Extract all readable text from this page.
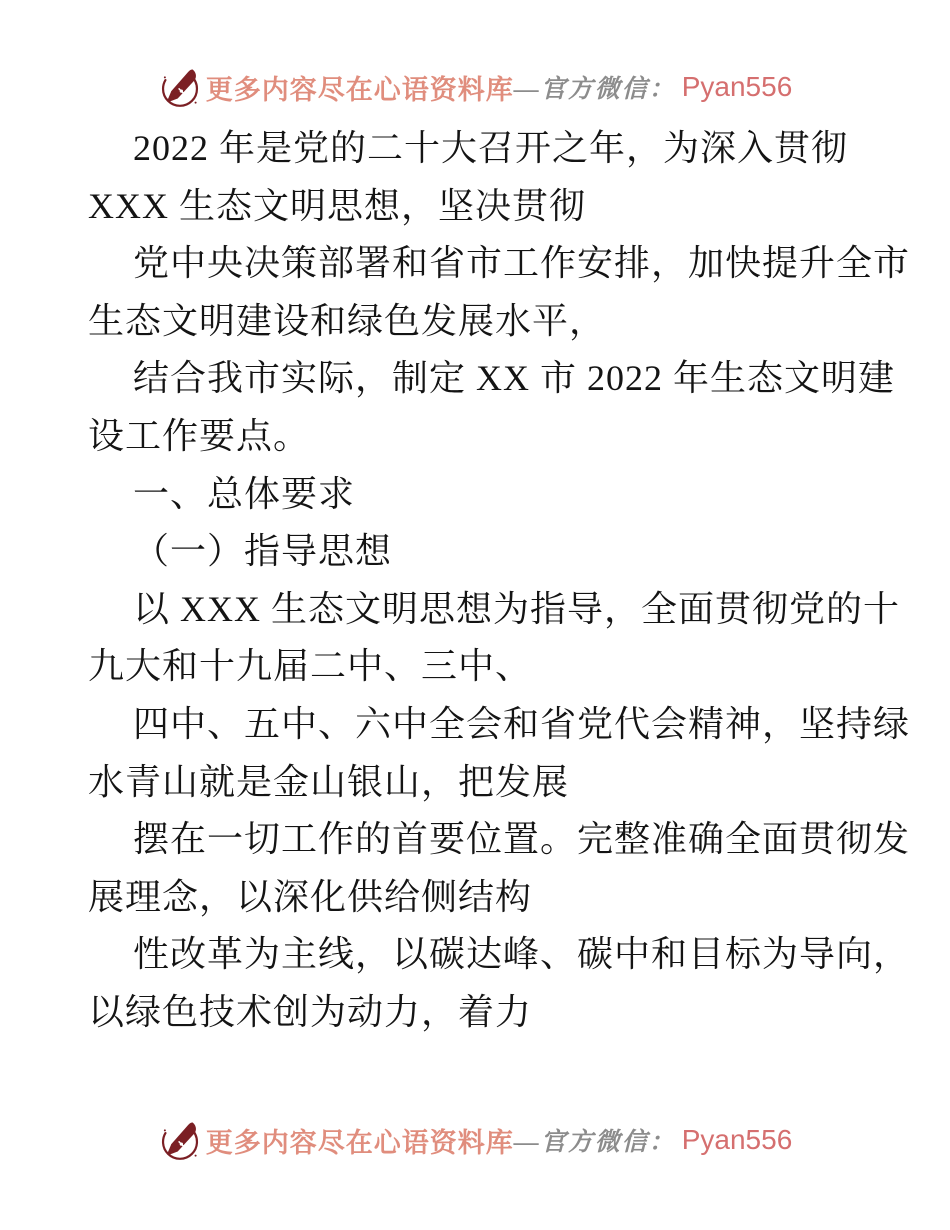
更多内容尽在心语资料库 —官方微信： Pyan556
2022 年是党的二十大召开之年，为深入贯彻
XXX 生态文明思想，坚决贯彻
党中央决策部署和省市工作安排，加快提升全市
生态文明建设和绿色发展水平，
结合我市实际，制定 XX 市 2022 年生态文明建
设工作要点。
一、总体要求
（一）指导思想
以 XXX 生态文明思想为指导，全面贯彻党的十
九大和十九届二中、三中、
四中、五中、六中全会和省党代会精神，坚持绿
水青山就是金山银山，把发展
摆在一切工作的首要位置。完整准确全面贯彻发
展理念，以深化供给侧结构
性改革为主线，以碳达峰、碳中和目标为导向，
以绿色技术创为动力，着力
更多内容尽在心语资料库 —官方微信： Pyan556
